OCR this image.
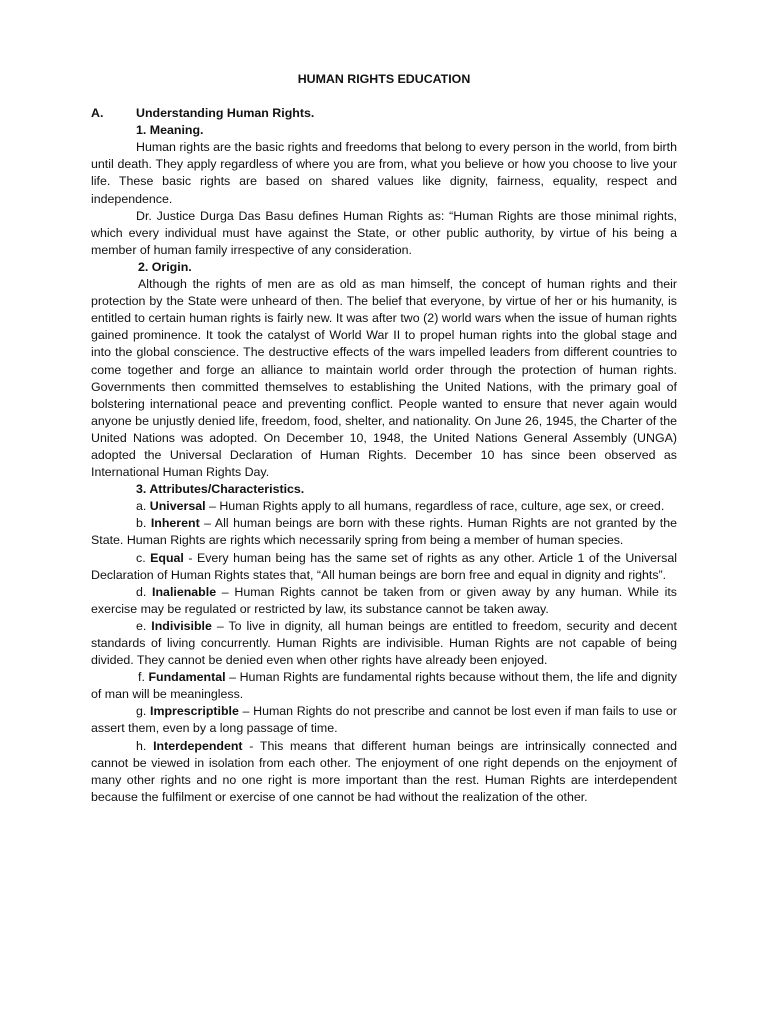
HUMAN RIGHTS EDUCATION
A.	Understanding Human Rights.
1. Meaning.

Human rights are the basic rights and freedoms that belong to every person in the world, from birth until death. They apply regardless of where you are from, what you believe or how you choose to live your life. These basic rights are based on shared values like dignity, fairness, equality, respect and independence.

Dr. Justice Durga Das Basu defines Human Rights as: “Human Rights are those minimal rights, which every individual must have against the State, or other public authority, by virtue of his being a member of human family irrespective of any consideration.

2. Origin.

Although the rights of men are as old as man himself, the concept of human rights and their protection by the State were unheard of then. The belief that everyone, by virtue of her or his humanity, is entitled to certain human rights is fairly new. It was after two (2) world wars when the issue of human rights gained prominence. It took the catalyst of World War II to propel human rights into the global stage and into the global conscience. The destructive effects of the wars impelled leaders from different countries to come together and forge an alliance to maintain world order through the protection of human rights. Governments then committed themselves to establishing the United Nations, with the primary goal of bolstering international peace and preventing conflict. People wanted to ensure that never again would anyone be unjustly denied life, freedom, food, shelter, and nationality. On June 26, 1945, the Charter of the United Nations was adopted. On December 10, 1948, the United Nations General Assembly (UNGA) adopted the Universal Declaration of Human Rights. December 10 has since been observed as International Human Rights Day.

3. Attributes/Characteristics.

a. Universal – Human Rights apply to all humans, regardless of race, culture, age sex, or creed.

b. Inherent – All human beings are born with these rights. Human Rights are not granted by the State. Human Rights are rights which necessarily spring from being a member of human species.

c. Equal - Every human being has the same set of rights as any other. Article 1 of the Universal Declaration of Human Rights states that, “All human beings are born free and equal in dignity and rights”.

d. Inalienable – Human Rights cannot be taken from or given away by any human. While its exercise may be regulated or restricted by law, its substance cannot be taken away.

e. Indivisible – To live in dignity, all human beings are entitled to freedom, security and decent standards of living concurrently. Human Rights are indivisible. Human Rights are not capable of being divided. They cannot be denied even when other rights have already been enjoyed.

f. Fundamental – Human Rights are fundamental rights because without them, the life and dignity of man will be meaningless.

g. Imprescriptible – Human Rights do not prescribe and cannot be lost even if man fails to use or assert them, even by a long passage of time.

h. Interdependent - This means that different human beings are intrinsically connected and cannot be viewed in isolation from each other. The enjoyment of one right depends on the enjoyment of many other rights and no one right is more important than the rest. Human Rights are interdependent because the fulfilment or exercise of one cannot be had without the realization of the other.
